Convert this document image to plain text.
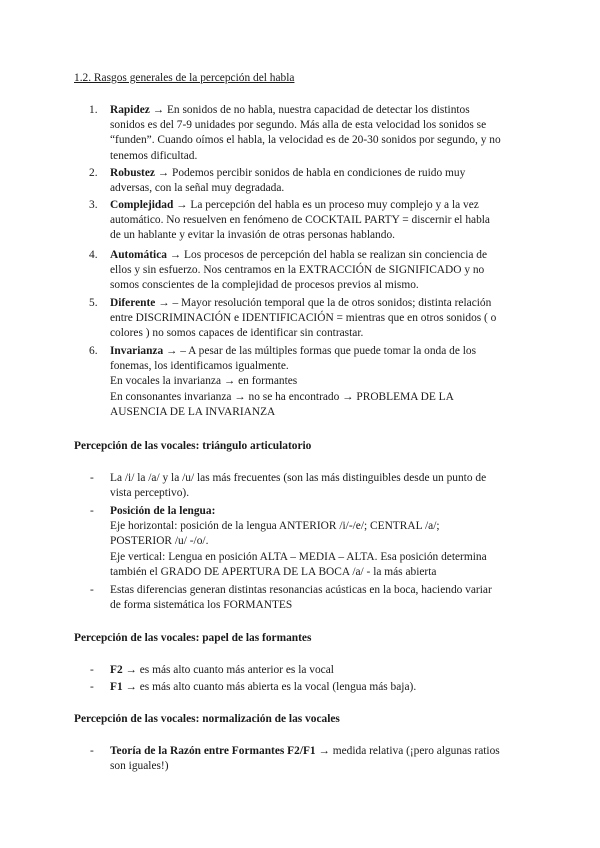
1.2. Rasgos generales de la percepción del habla
1.	Rapidez → En sonidos de no habla, nuestra capacidad de detectar los distintos
sonidos es del 7-9 unidades por segundo. Más alla de esta velocidad los sonidos se
“funden”. Cuando oímos el habla, la velocidad es de 20-30 sonidos por segundo, y no
tenemos dificultad.
2.	Robustez → Podemos percibir sonidos de habla en condiciones de ruido muy
adversas, con la señal muy degradada.
3.	Complejidad → La percepción del habla es un proceso muy complejo y a la vez
automático. No resuelven en fenómeno de COCKTAIL PARTY = discernir el habla
de un hablante y evitar la invasión de otras personas hablando.
4.	Automática → Los procesos de percepción del habla se realizan sin conciencia de
ellos y sin esfuerzo. Nos centramos en la EXTRACCIÓN de SIGNIFICADO y no
somos conscientes de la complejidad de procesos previos al mismo.
5.	Diferente → – Mayor resolución temporal que la de otros sonidos; distinta relación
entre DISCRIMINACIÓN e IDENTIFICACIÓN = mientras que en otros sonidos ( o
colores ) no somos capaces de identificar sin contrastar.
6.	Invarianza → – A pesar de las múltiples formas que puede tomar la onda de los
fonemas, los identificamos igualmente.
En vocales la invarianza → en formantes
En consonantes invarianza → no se ha encontrado → PROBLEMA DE LA
AUSENCIA DE LA INVARIANZA
Percepción de las vocales: triángulo articulatorio
- La /i/ la /a/ y la /u/ las más frecuentes (son las más distinguibles desde un punto de
vista perceptivo).
- Posición de la lengua:
Eje horizontal: posición de la lengua ANTERIOR /i/-/e/; CENTRAL /a/;
POSTERIOR /u/ -/o/.
Eje vertical: Lengua en posición ALTA – MEDIA – ALTA. Esa posición determina
también el GRADO DE APERTURA DE LA BOCA /a/ - la más abierta
- Estas diferencias generan distintas resonancias acústicas en la boca, haciendo variar
de forma sistemática los FORMANTES
Percepción de las vocales: papel de las formantes
- F2 → es más alto cuanto más anterior es la vocal
- F1 → es más alto cuanto más abierta es la vocal (lengua más baja).
Percepción de las vocales: normalización de las vocales
- Teoría de la Razón entre Formantes F2/F1 → medida relativa (¡pero algunas ratios
son iguales!)
